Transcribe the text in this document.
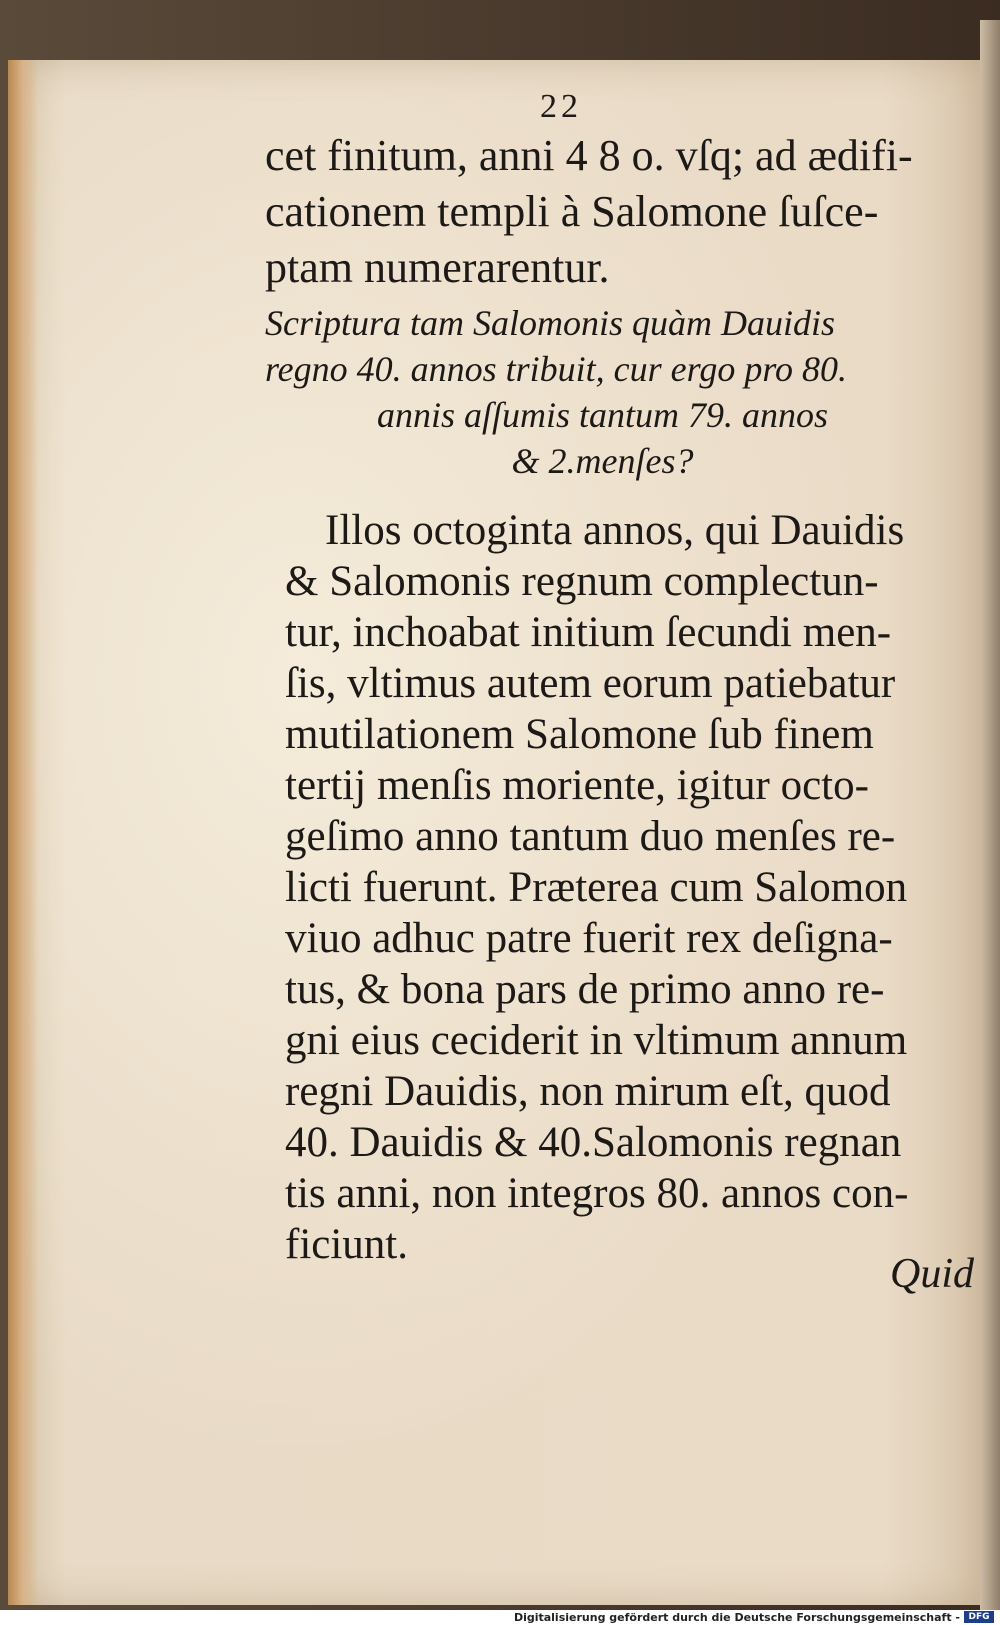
22
cet finitum, anni 4 8 o. vſq; ad ædifi-
cationem templi à Salomone ſuſce-
ptam numerarentur.
Scriptura tam Salomonis quàm Dauidis
regno 40. annos tribuit, cur ergo pro 80.
annis aſſumis tantum 79. annos
& 2.menſes?
Illos octoginta annos, qui Dauidis
& Salomonis regnum complectun-
tur, inchoabat initium ſecundi men-
ſis, vltimus autem eorum patiebatur
mutilationem Salomone ſub finem
tertij menſis moriente, igitur octo-
geſimo anno tantum duo menſes re-
licti fuerunt. Præterea cum Salomon
viuo adhuc patre fuerit rex deſigna-
tus, & bona pars de primo anno re-
gni eius ceciderit in vltimum annum
regni Dauidis, non mirum eſt, quod
40. Dauidis & 40.Salomonis regnan
tis anni, non integros 80. annos con-
ficiunt.
Quid
Digitalisierung gefördert durch die Deutsche Forschungsgemeinschaft - DFG
